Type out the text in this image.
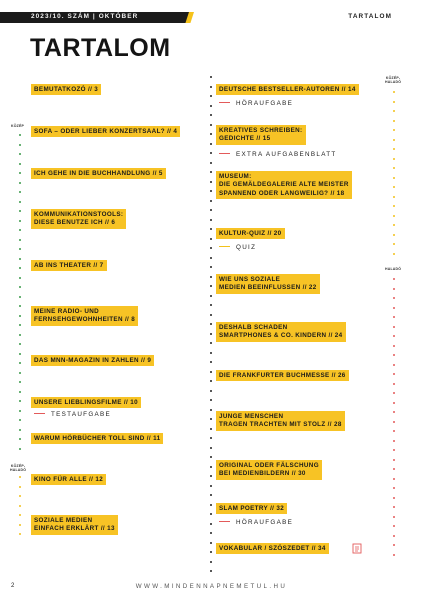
2023/10. SZÁM | OKTÓBER	TARTALOM
TARTALOM
KÖZÉP
KÖZÉP-
HALADÓ
KÖZÉP-
HALADÓ
HALADÓ
BEMUTATKOZÓ // 3
SOFA – ODER LIEBER KONZERTSAAL? // 4
ICH GEHE IN DIE BUCHHANDLUNG // 5
KOMMUNIKATIONSTOOLS:
DIESE BENUTZE ICH // 6
AB INS THEATER // 7
MEINE RADIO- UND
FERNSEHGEWOHNHEITEN // 8
DAS MNN-MAGAZIN IN ZAHLEN // 9
UNSERE LIEBLINGSFILME // 10
TESTAUFGABE
WARUM HÖRBÜCHER TOLL SIND // 11
KINO FÜR ALLE // 12
SOZIALE MEDIEN
EINFACH ERKLÄRT // 13
DEUTSCHE BESTSELLER-AUTOREN // 14
HÖRAUFGABE
KREATIVES SCHREIBEN:
GEDICHTE // 15
EXTRA AUFGABENBLATT
MUSEUM:
DIE GEMÄLDEGALERIE ALTE MEISTER
SPANNEND ODER LANGWEILIG? // 18
KULTUR-QUIZ // 20
QUIZ
WIE UNS SOZIALE
MEDIEN BEEINFLUSSEN // 22
DESHALB SCHADEN
SMARTPHONES & CO. KINDERN // 24
DIE FRANKFURTER BUCHMESSE // 26
JUNGE MENSCHEN
TRAGEN TRACHTEN MIT STOLZ // 28
ORIGINAL ODER FÄLSCHUNG
BEI MEDIENBILDERN // 30
SLAM POETRY // 32
HÖRAUFGABE
VOKABULAR / SZÓSZEDET // 34
2	WWW.MINDENNAPNEMETUL.HU
